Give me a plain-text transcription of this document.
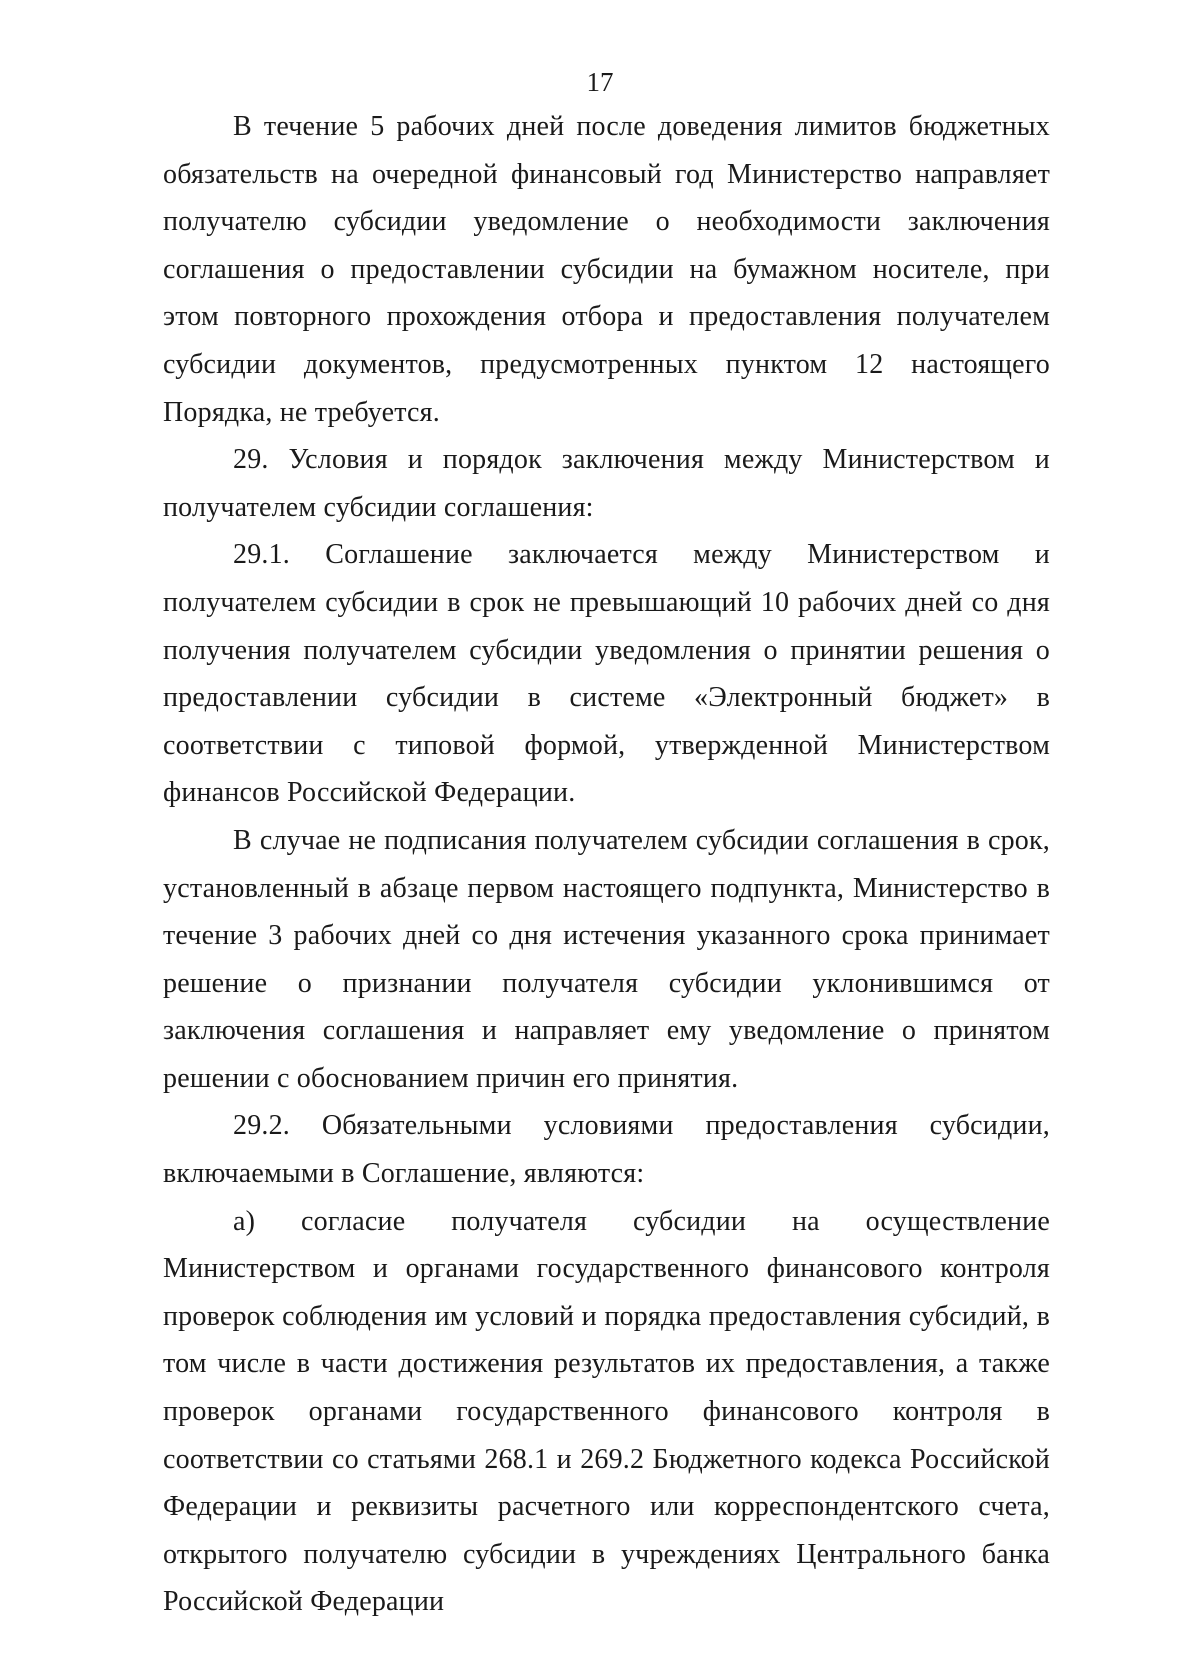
17

В течение 5 рабочих дней после доведения лимитов бюджетных обязательств на очередной финансовый год Министерство направляет получателю субсидии уведомление о необходимости заключения соглашения о предоставлении субсидии на бумажном носителе, при этом повторного прохождения отбора и предоставления получателем субсидии документов, предусмотренных пунктом 12 настоящего Порядка, не требуется.

29. Условия и порядок заключения между Министерством и получателем субсидии соглашения:

29.1. Соглашение заключается между Министерством и получателем субсидии в срок не превышающий 10 рабочих дней со дня получения получателем субсидии уведомления о принятии решения о предоставлении субсидии в системе «Электронный бюджет» в соответствии с типовой формой, утвержденной Министерством финансов Российской Федерации.

В случае не подписания получателем субсидии соглашения в срок, установленный в абзаце первом настоящего подпункта, Министерство в течение 3 рабочих дней со дня истечения указанного срока принимает решение о признании получателя субсидии уклонившимся от заключения соглашения и направляет ему уведомление о принятом решении с обоснованием причин его принятия.

29.2. Обязательными условиями предоставления субсидии, включаемыми в Соглашение, являются:

а) согласие получателя субсидии на осуществление Министерством и органами государственного финансового контроля проверок соблюдения им условий и порядка предоставления субсидий, в том числе в части достижения результатов их предоставления, а также проверок органами государственного финансового контроля в соответствии со статьями 268.1 и 269.2 Бюджетного кодекса Российской Федерации и реквизиты расчетного или корреспондентского счета, открытого получателю субсидии в учреждениях Центрального банка Российской Федерации
